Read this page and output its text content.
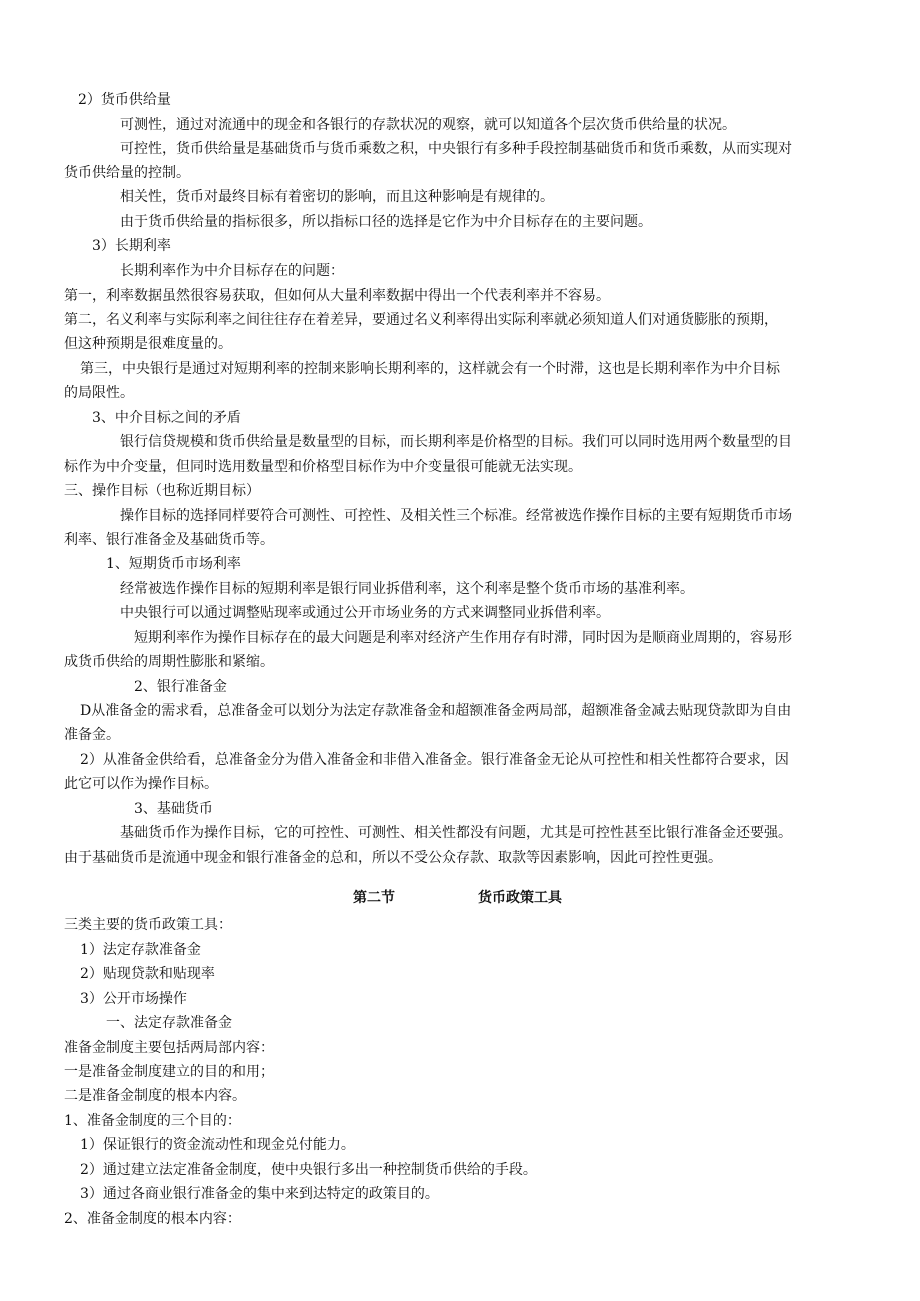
2）货币供给量
可测性，通过对流通中的现金和各银行的存款状况的观察，就可以知道各个层次货币供给量的状况。
可控性，货币供给量是基础货币与货币乘数之积，中央银行有多种手段控制基础货币和货币乘数，从而实现对
货币供给量的控制。
相关性，货币对最终目标有着密切的影响，而且这种影响是有规律的。
由于货币供给量的指标很多，所以指标口径的选择是它作为中介目标存在的主要问题。
3）长期利率
长期利率作为中介目标存在的问题：
第一，利率数据虽然很容易获取，但如何从大量利率数据中得出一个代表利率并不容易。
第二，名义利率与实际利率之间往往存在着差异，要通过名义利率得出实际利率就必须知道人们对通货膨胀的预期，
但这种预期是很难度量的。
第三，中央银行是通过对短期利率的控制来影响长期利率的，这样就会有一个时滞，这也是长期利率作为中介目标
的局限性。
3、中介目标之间的矛盾
银行信贷规模和货币供给量是数量型的目标，而长期利率是价格型的目标。我们可以同时选用两个数量型的目
标作为中介变量，但同时选用数量型和价格型目标作为中介变量很可能就无法实现。
三、操作目标（也称近期目标）
操作目标的选择同样要符合可测性、可控性、及相关性三个标准。经常被选作操作目标的主要有短期货币市场
利率、银行准备金及基础货币等。
1、短期货币市场利率
经常被选作操作目标的短期利率是银行同业拆借利率，这个利率是整个货币市场的基准利率。
中央银行可以通过调整贴现率或通过公开市场业务的方式来调整同业拆借利率。
短期利率作为操作目标存在的最大问题是利率对经济产生作用存有时滞，同时因为是顺商业周期的，容易形
成货币供给的周期性膨胀和紧缩。
2、银行准备金
D从准备金的需求看，总准备金可以划分为法定存款准备金和超额准备金两局部，超额准备金减去贴现贷款即为自由
准备金。
2）从准备金供给看，总准备金分为借入准备金和非借入准备金。银行准备金无论从可控性和相关性都符合要求，因
此它可以作为操作目标。
3、基础货币
基础货币作为操作目标，它的可控性、可测性、相关性都没有问题，尤其是可控性甚至比银行准备金还要强。
由于基础货币是流通中现金和银行准备金的总和，所以不受公众存款、取款等因素影响，因此可控性更强。
第二节	货币政策工具
三类主要的货币政策工具：
1）法定存款准备金
2）贴现贷款和贴现率
3）公开市场操作
一、法定存款准备金
准备金制度主要包括两局部内容：
一是准备金制度建立的目的和用；
二是准备金制度的根本内容。
1、准备金制度的三个目的：
1）保证银行的资金流动性和现金兑付能力。
2）通过建立法定准备金制度，使中央银行多出一种控制货币供给的手段。
3）通过各商业银行准备金的集中来到达特定的政策目的。
2、准备金制度的根本内容：
